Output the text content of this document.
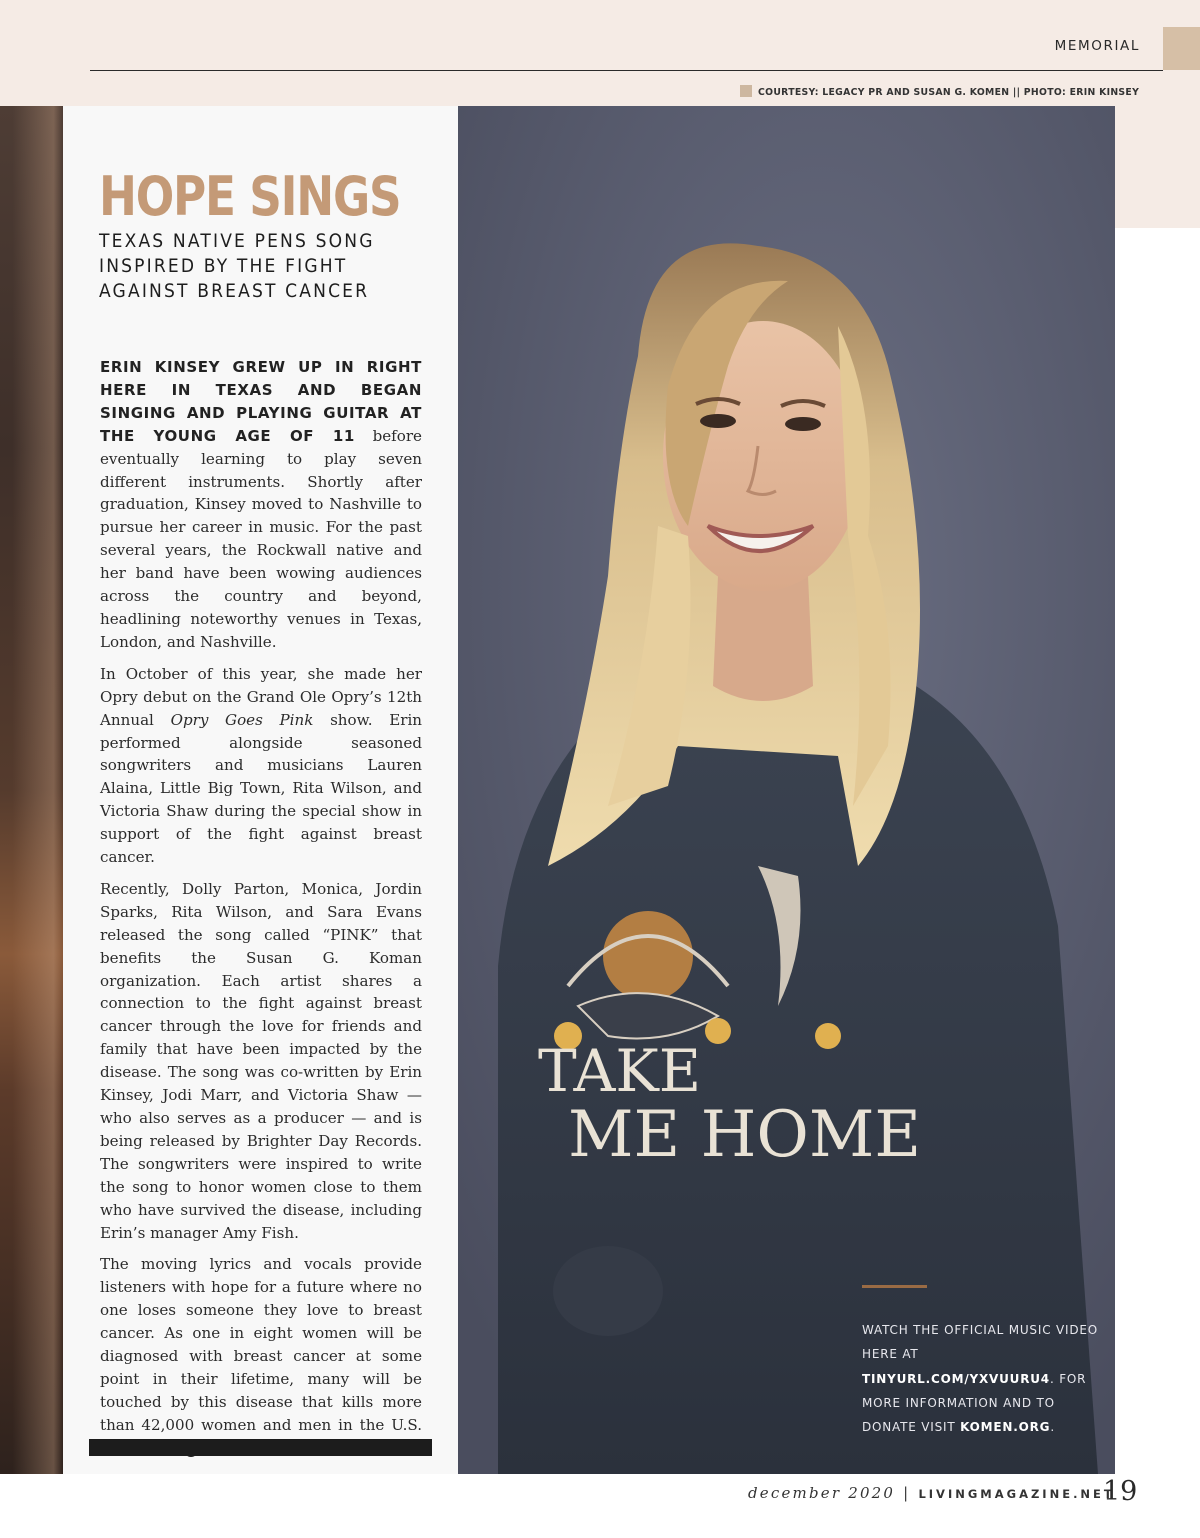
MEMORIAL
COURTESY: LEGACY PR AND SUSAN G. KOMEN || PHOTO: ERIN KINSEY
HOPE SINGS
TEXAS NATIVE PENS SONG INSPIRED BY THE FIGHT AGAINST BREAST CANCER

ERIN KINSEY GREW UP IN RIGHT HERE IN TEXAS AND BEGAN SINGING AND PLAYING GUITAR AT THE YOUNG AGE OF 11 before eventually learning to play seven different instruments. Shortly after graduation, Kinsey moved to Nashville to pursue her career in music. For the past several years, the Rockwall native and her band have been wowing audiences across the country and beyond, headlining noteworthy venues in Texas, London, and Nashville.

In October of this year, she made her Opry debut on the Grand Ole Opry’s 12th Annual Opry Goes Pink show. Erin performed alongside seasoned songwriters and musicians Lauren Alaina, Little Big Town, Rita Wilson, and Victoria Shaw during the special show in support of the fight against breast cancer.

Recently, Dolly Parton, Monica, Jordin Sparks, Rita Wilson, and Sara Evans released the song called “PINK” that benefits the Susan G. Koman organization. Each artist shares a connection to the fight against breast cancer through the love for friends and family that have been impacted by the disease. The song was co-written by Erin Kinsey, Jodi Marr, and Victoria Shaw — who also serves as a producer — and is being released by Brighter Day Records. The songwriters were inspired to write the song to honor women close to them who have survived the disease, including Erin’s manager Amy Fish.

The moving lyrics and vocals provide listeners with hope for a future where no one loses someone they love to breast cancer. As one in eight women will be diagnosed with breast cancer at some point in their lifetime, many will be touched by this disease that kills more than 42,000 women and men in the U.S.

TAKE
ME HOME
WATCH THE OFFICIAL MUSIC VIDEO HERE AT TINYURL.COM/YXVUURU4. FOR MORE INFORMATION AND TO DONATE VISIT KOMEN.ORG.
december 2020 | LIVINGMAGAZINE.NET
19
